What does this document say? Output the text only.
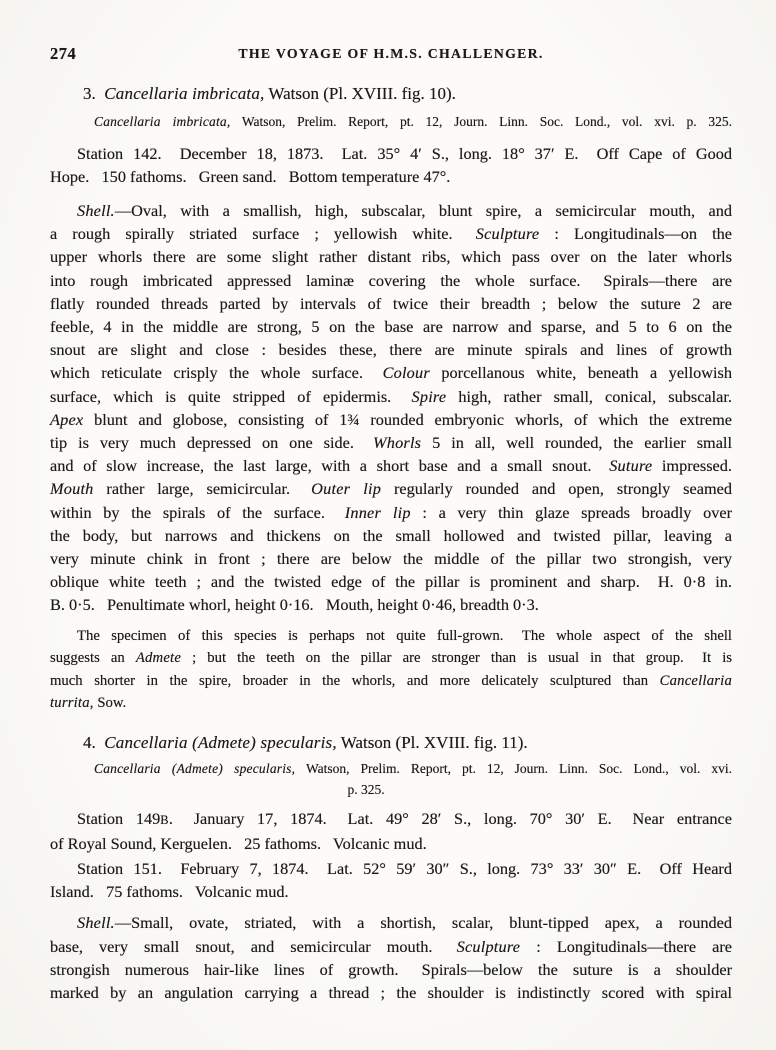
274	THE VOYAGE OF H.M.S. CHALLENGER.
3. Cancellaria imbricata, Watson (Pl. XVIII. fig. 10).
Cancellaria imbricata, Watson, Prelim. Report, pt. 12, Journ. Linn. Soc. Lond., vol. xvi. p. 325.
Station 142.  December 18, 1873.  Lat. 35° 4′ S., long. 18° 37′ E.  Off Cape of Good
Hope.  150 fathoms.  Green sand.  Bottom temperature 47°.
Shell.—Oval, with a smallish, high, subscalar, blunt spire, a semicircular mouth, and
a rough spirally striated surface ; yellowish white.  Sculpture : Longitudinals—on the
upper whorls there are some slight rather distant ribs, which pass over on the later whorls
into rough imbricated appressed laminæ covering the whole surface.  Spirals—there are
flatly rounded threads parted by intervals of twice their breadth ; below the suture 2 are
feeble, 4 in the middle are strong, 5 on the base are narrow and sparse, and 5 to 6 on the
snout are slight and close : besides these, there are minute spirals and lines of growth
which reticulate crisply the whole surface.  Colour porcellanous white, beneath a yellowish
surface, which is quite stripped of epidermis.  Spire high, rather small, conical, subscalar.
Apex blunt and globose, consisting of 1¾ rounded embryonic whorls, of which the extreme
tip is very much depressed on one side.  Whorls 5 in all, well rounded, the earlier small
and of slow increase, the last large, with a short base and a small snout.  Suture impressed.
Mouth rather large, semicircular.  Outer lip regularly rounded and open, strongly seamed
within by the spirals of the surface.  Inner lip : a very thin glaze spreads broadly over
the body, but narrows and thickens on the small hollowed and twisted pillar, leaving a
very minute chink in front ; there are below the middle of the pillar two strongish, very
oblique white teeth ; and the twisted edge of the pillar is prominent and sharp.  H. 0·8 in.
B. 0·5.  Penultimate whorl, height 0·16.  Mouth, height 0·46, breadth 0·3.
The specimen of this species is perhaps not quite full-grown.  The whole aspect of the shell
suggests an Admete ; but the teeth on the pillar are stronger than is usual in that group.  It is
much shorter in the spire, broader in the whorls, and more delicately sculptured than Cancellaria
turrita, Sow.
4. Cancellaria (Admete) specularis, Watson (Pl. XVIII. fig. 11).
Cancellaria (Admete) specularis, Watson, Prelim. Report, pt. 12, Journ. Linn. Soc. Lond., vol. xvi.
p. 325.
Station 149B.  January 17, 1874.  Lat. 49° 28′ S., long. 70° 30′ E.  Near entrance
of Royal Sound, Kerguelen.  25 fathoms.  Volcanic mud.
Station 151.  February 7, 1874.  Lat. 52° 59′ 30″ S., long. 73° 33′ 30″ E.  Off Heard
Island.  75 fathoms.  Volcanic mud.
Shell.—Small, ovate, striated, with a shortish, scalar, blunt-tipped apex, a rounded
base, very small snout, and semicircular mouth.  Sculpture : Longitudinals—there are
strongish numerous hair-like lines of growth.  Spirals—below the suture is a shoulder
marked by an angulation carrying a thread ; the shoulder is indistinctly scored with spiral
